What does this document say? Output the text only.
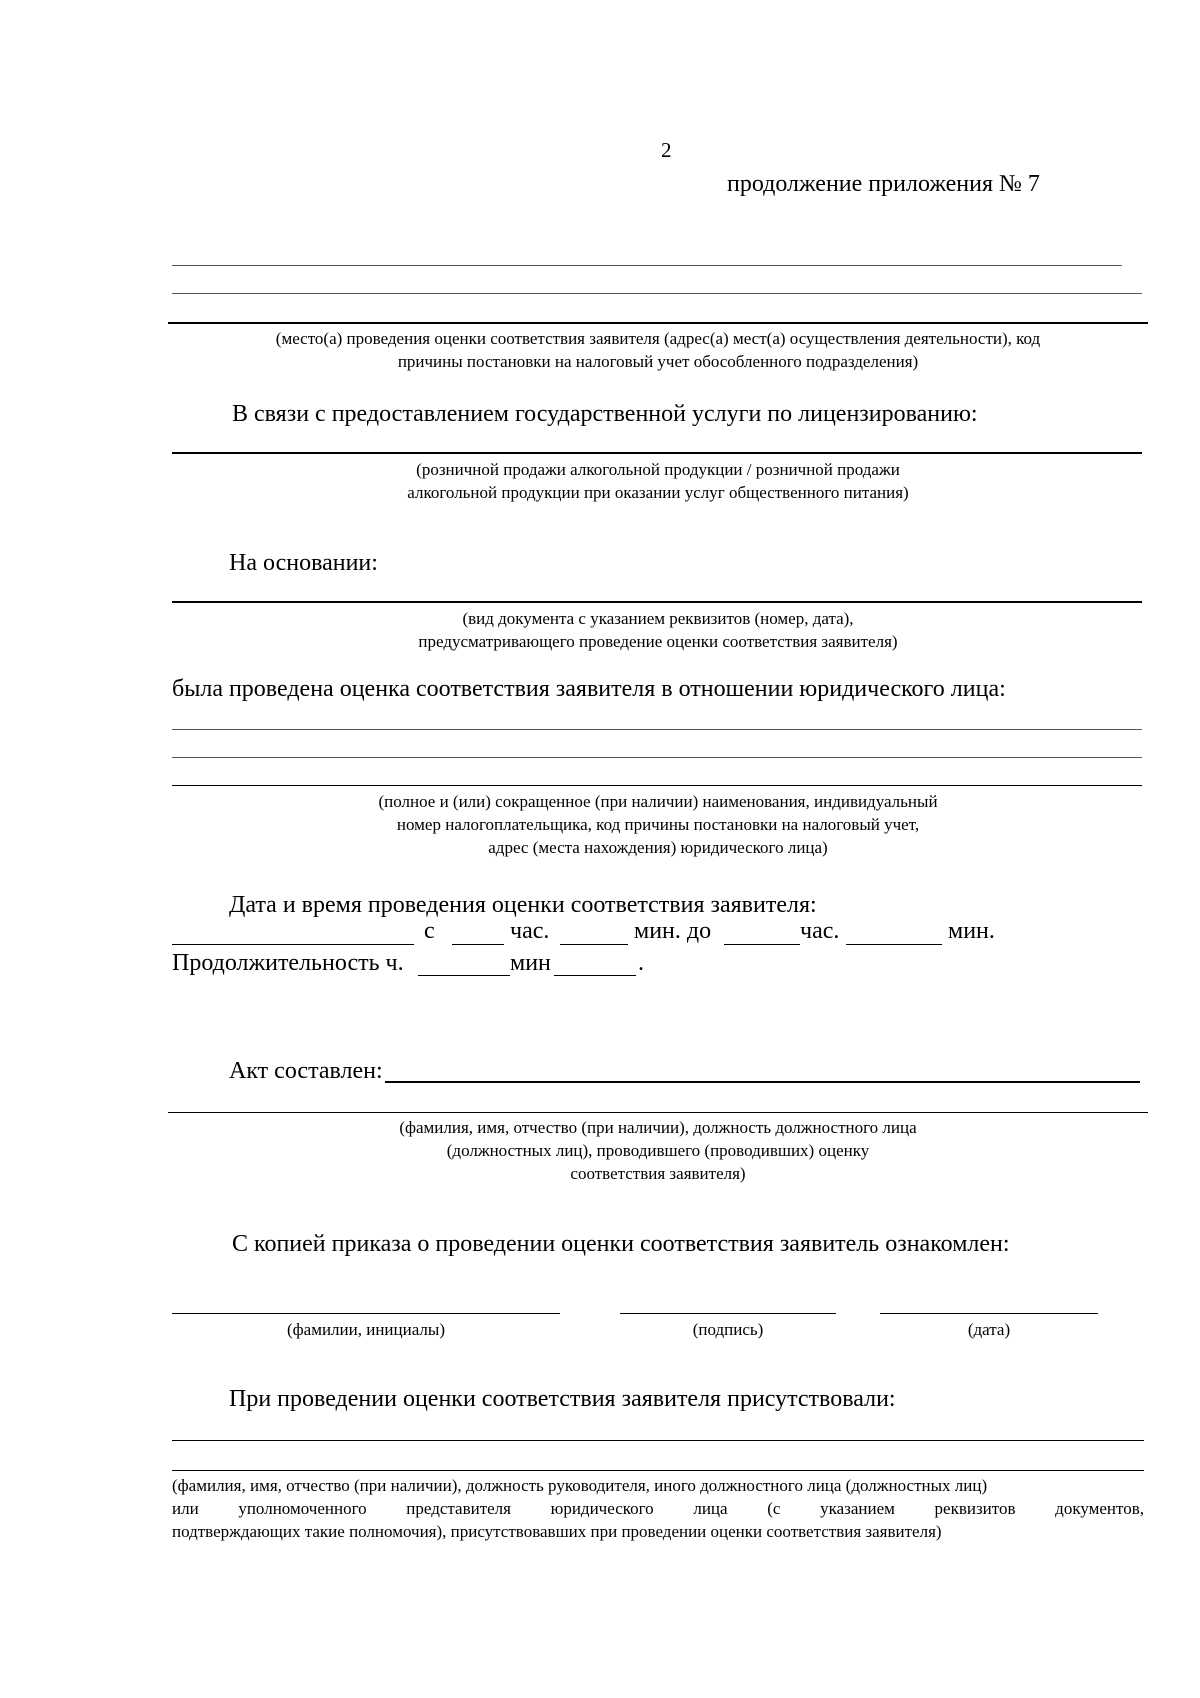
2
продолжение приложения № 7
(место(а) проведения оценки соответствия заявителя (адрес(а) мест(а) осуществления деятельности), код
причины постановки на налоговый учет обособленного подразделения)
В связи с предоставлением государственной услуги по лицензированию:
(розничной продажи алкогольной продукции / розничной продажи
алкогольной продукции при оказании услуг общественного питания)
На основании:
(вид документа с указанием реквизитов (номер, дата),
предусматривающего проведение оценки соответствия заявителя)
была проведена оценка соответствия заявителя в отношении юридического лица:
(полное и (или) сокращенное (при наличии) наименования, индивидуальный
номер налогоплательщика, код причины постановки на налоговый учет,
адрес (места нахождения) юридического лица)
Дата и время проведения оценки соответствия заявителя:
с	час.	мин. до	час.	мин.
Продолжительность ч.	мин	.
Акт составлен:
(фамилия, имя, отчество (при наличии), должность должностного лица
(должностных лиц), проводившего (проводивших) оценку
соответствия заявителя)
С копией приказа о проведении оценки соответствия заявитель ознакомлен:
(фамилии, инициалы)	(подпись)	(дата)
При проведении оценки соответствия заявителя присутствовали:
(фамилия, имя, отчество (при наличии), должность руководителя, иного должностного лица (должностных лиц)
или уполномоченного представителя юридического лица (с указанием реквизитов документов,
подтверждающих такие полномочия), присутствовавших при проведении оценки соответствия заявителя)
